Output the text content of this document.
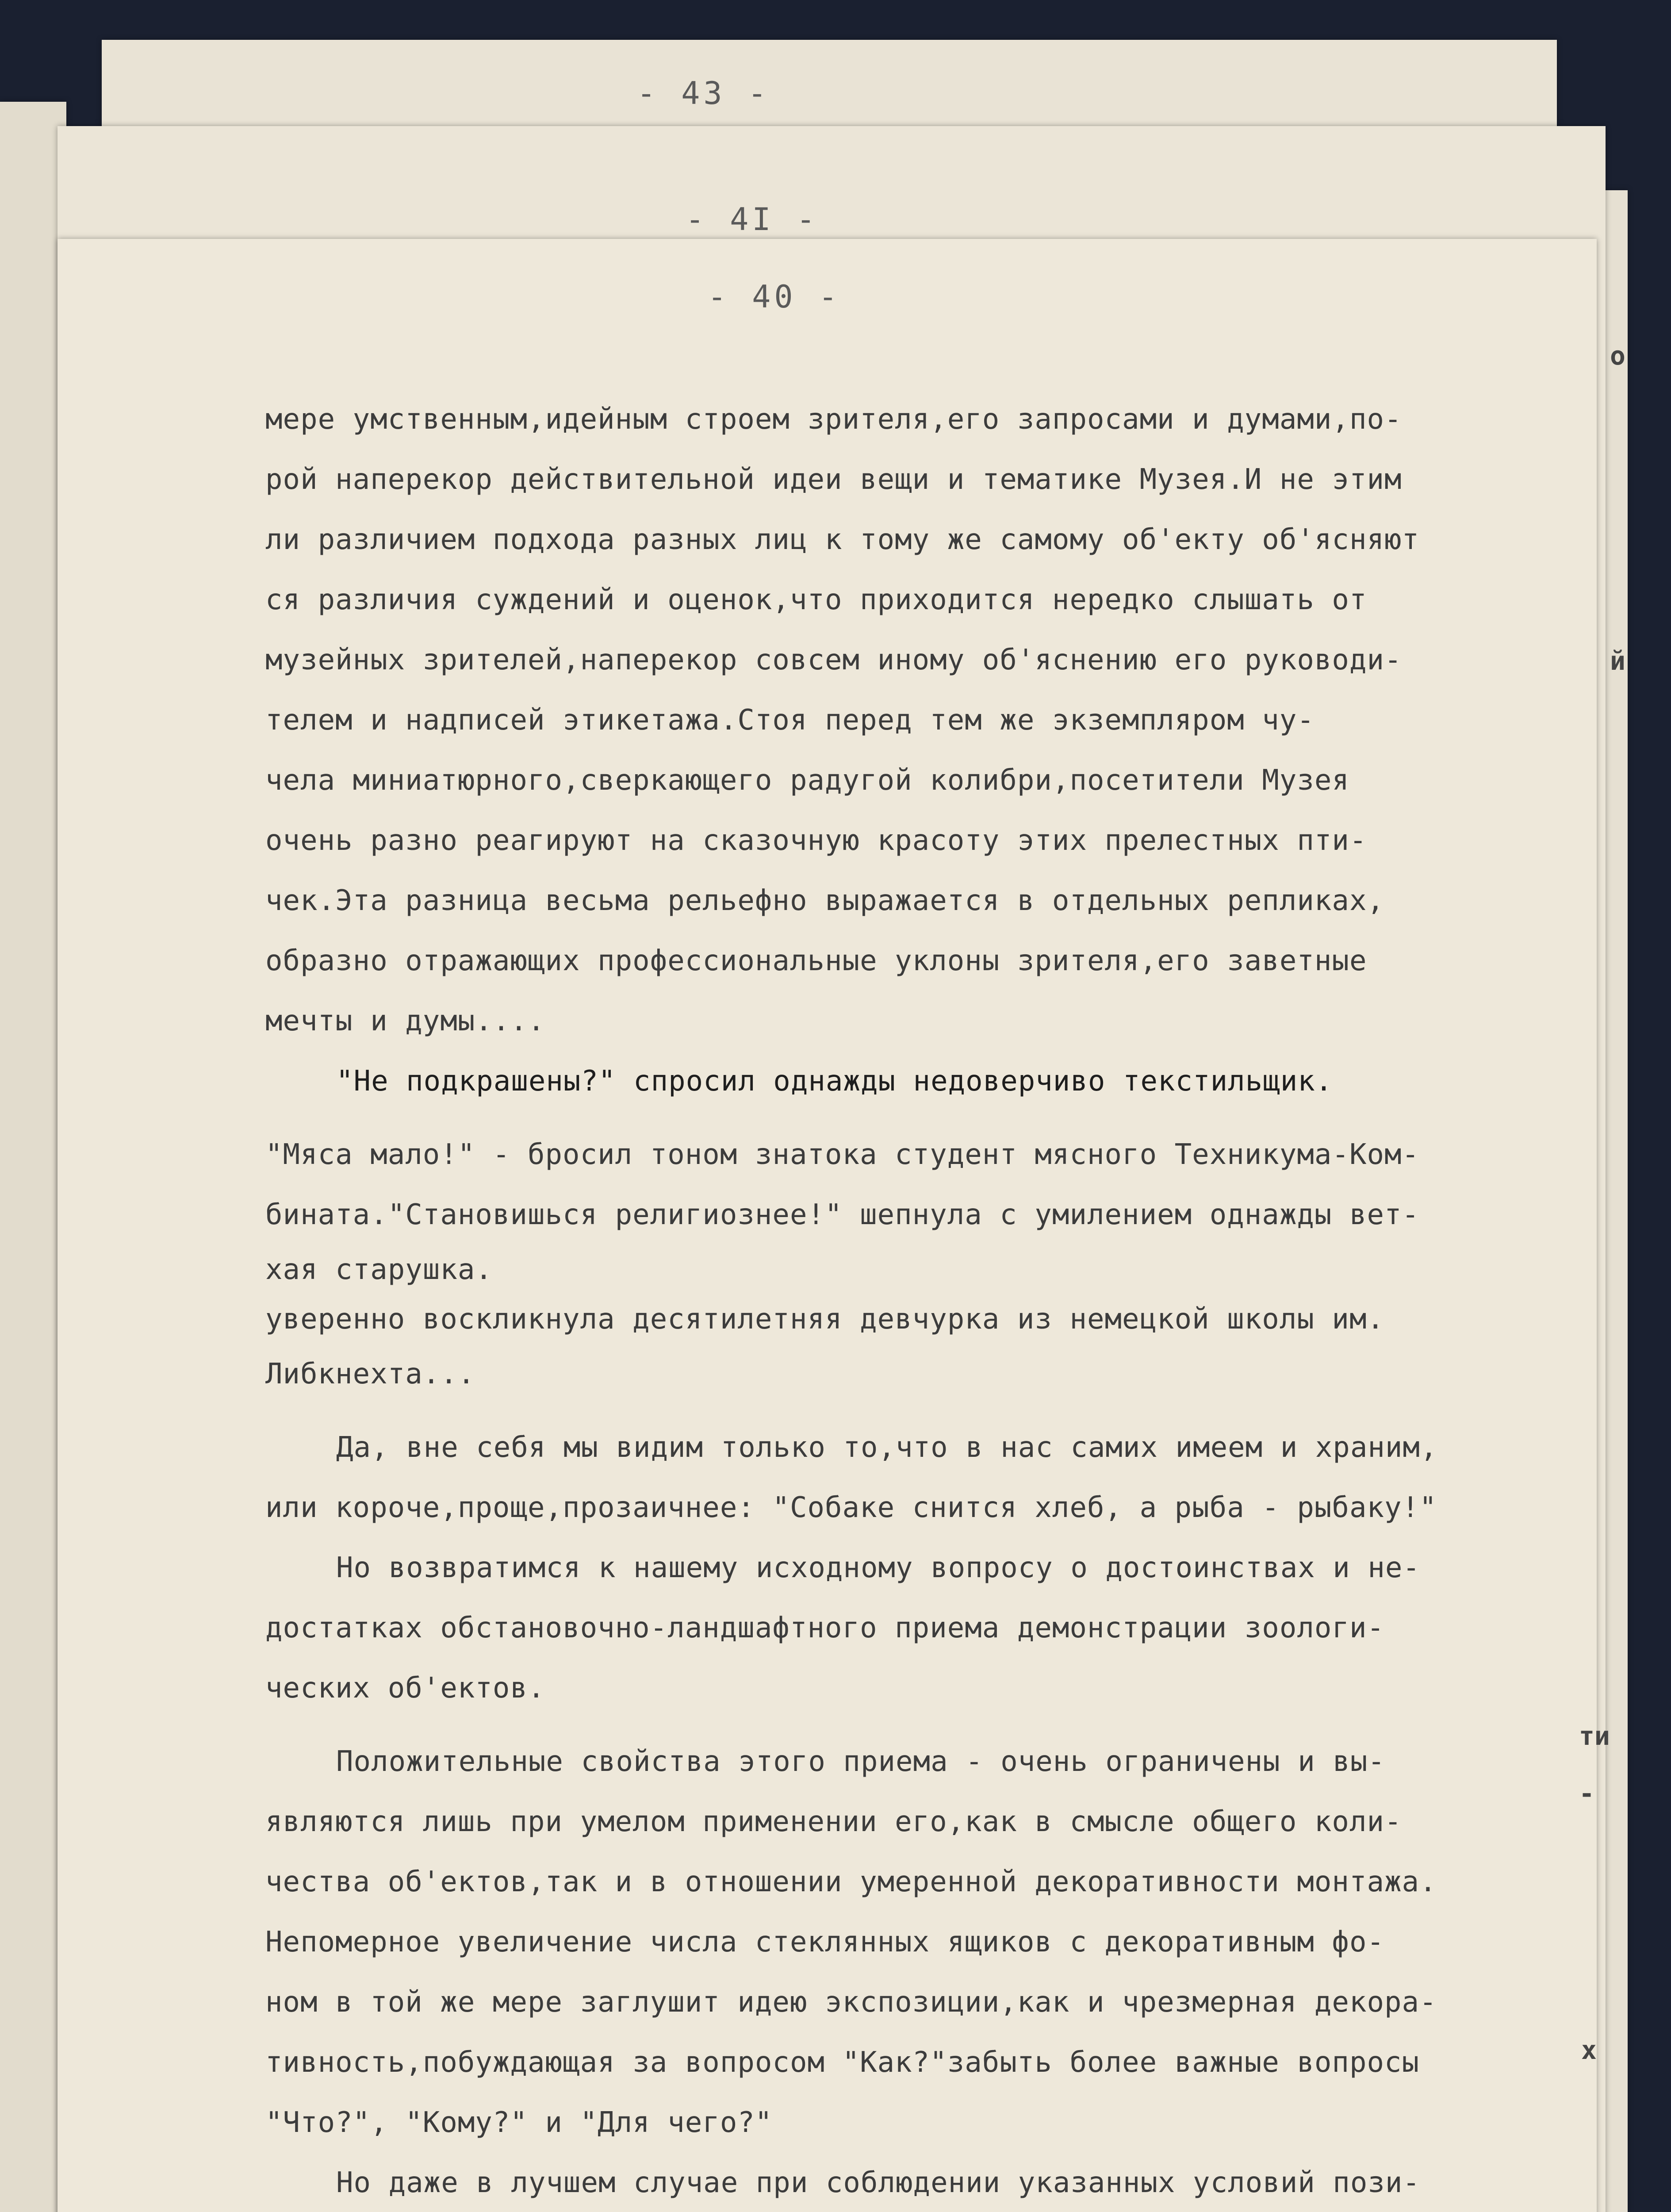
- 43 -
- 4I -
- 40 -
о
й
ти
-
x
мере умственным,идейным строем зрителя,его запросами и думами,по-
рой наперекор действительной идеи вещи и тематике Музея.И не этим
ли различием подхода разных лиц к тому же самому об'екту об'ясняют
ся различия суждений и оценок,что приходится нередко слышать от
музейных зрителей,наперекор совсем иному об'яснению его руководи-
телем и надписей этикетажа.Стоя перед тем же экземпляром чу-
чела миниатюрного,сверкающего радугой колибри,посетители Музея
очень разно реагируют на сказочную красоту этих прелестных пти-
чек.Эта разница весьма рельефно выражается в отдельных репликах,
образно отражающих профессиональные уклоны зрителя,его заветные
мечты и думы....
"Не подкрашены?" спросил однажды недоверчиво текстильщик.
"Мяса мало!" - бросил тоном знатока студент мясного Техникума-Ком-
бината."Становишься религиознее!" шепнула с умилением однажды вет-
хая старушка.
уверенно воскликнула десятилетняя девчурка из немецкой школы им.
Либкнехта...
Да, вне себя мы видим только то,что в нас самих имеем и храним,
или короче,проще,прозаичнее: "Собаке снится хлеб, а рыба - рыбаку!"
Но возвратимся к нашему исходному вопросу о достоинствах и не-
достатках обстановочно-ландшафтного приема демонстрации зоологи-
ческих об'ектов.
Положительные свойства этого приема - очень ограничены и вы-
являются лишь при умелом применении его,как в смысле общего коли-
чества об'ектов,так и в отношении умеренной декоративности монтажа.
Непомерное увеличение числа стеклянных ящиков с декоративным фо-
ном в той же мере заглушит идею экспозиции,как и чрезмерная декора-
тивность,побуждающая за вопросом "Как?"забыть более важные вопросы
"Что?", "Кому?" и "Для чего?"
Но даже в лучшем случае при соблюдении указанных условий пози-
